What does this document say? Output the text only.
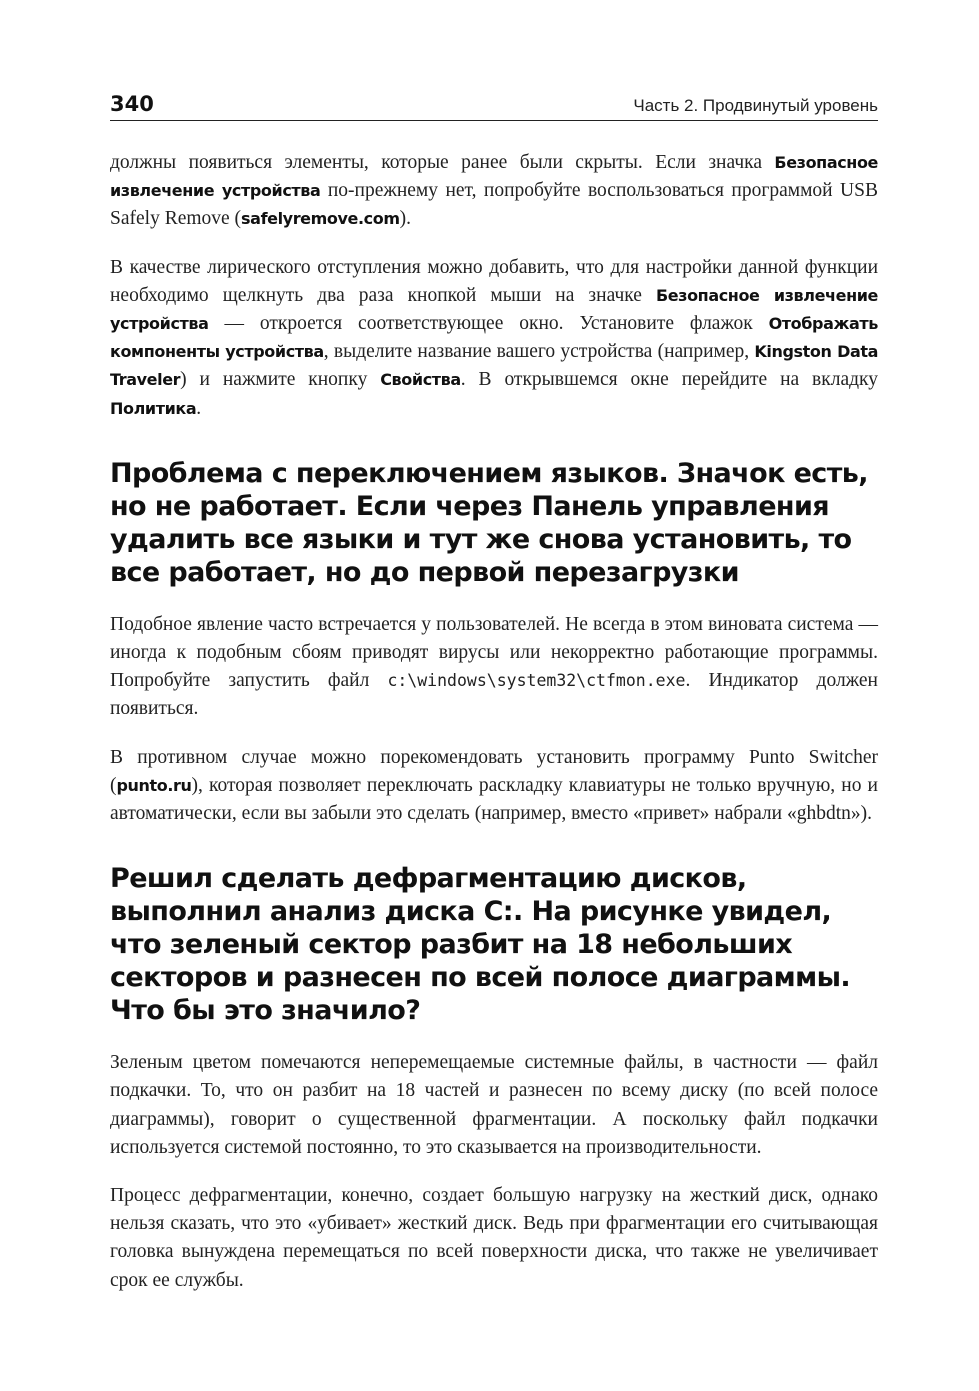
340	Часть 2. Продвинутый уровень

должны появиться элементы, которые ранее были скрыты. Если значка Безопасное извлечение устройства по-прежнему нет, попробуйте воспользоваться программой USB Safely Remove (safelyremove.com).

В качестве лирического отступления можно добавить, что для настройки данной функции необходимо щелкнуть два раза кнопкой мыши на значке Безопасное извлечение устройства — откроется соответствующее окно. Установите флажок Отображать компоненты устройства, выделите название вашего устройства (например, Kingston Data Traveler) и нажмите кнопку Свойства. В открывшемся окне перейдите на вкладку Политика.

Проблема с переключением языков. Значок есть, но не работает. Если через Панель управления удалить все языки и тут же снова установить, то все работает, но до первой перезагрузки

Подобное явление часто встречается у пользователей. Не всегда в этом виновата система — иногда к подобным сбоям приводят вирусы или некорректно работающие программы. Попробуйте запустить файл c:\windows\system32\ctfmon.exe. Индикатор должен появиться.

В противном случае можно порекомендовать установить программу Punto Switcher (punto.ru), которая позволяет переключать раскладку клавиатуры не только вручную, но и автоматически, если вы забыли это сделать (например, вместо «привет» набрали «ghbdtn»).

Решил сделать дефрагментацию дисков, выполнил анализ диска С:. На рисунке увидел, что зеленый сектор разбит на 18 небольших секторов и разнесен по всей полосе диаграммы. Что бы это значило?

Зеленым цветом помечаются неперемещаемые системные файлы, в частности — файл подкачки. То, что он разбит на 18 частей и разнесен по всему диску (по всей полосе диаграммы), говорит о существенной фрагментации. А поскольку файл подкачки используется системой постоянно, то это сказывается на производительности.

Процесс дефрагментации, конечно, создает большую нагрузку на жесткий диск, однако нельзя сказать, что это «убивает» жесткий диск. Ведь при фрагментации его считывающая головка вынуждена перемещаться по всей поверхности диска, что также не увеличивает срок ее службы.
